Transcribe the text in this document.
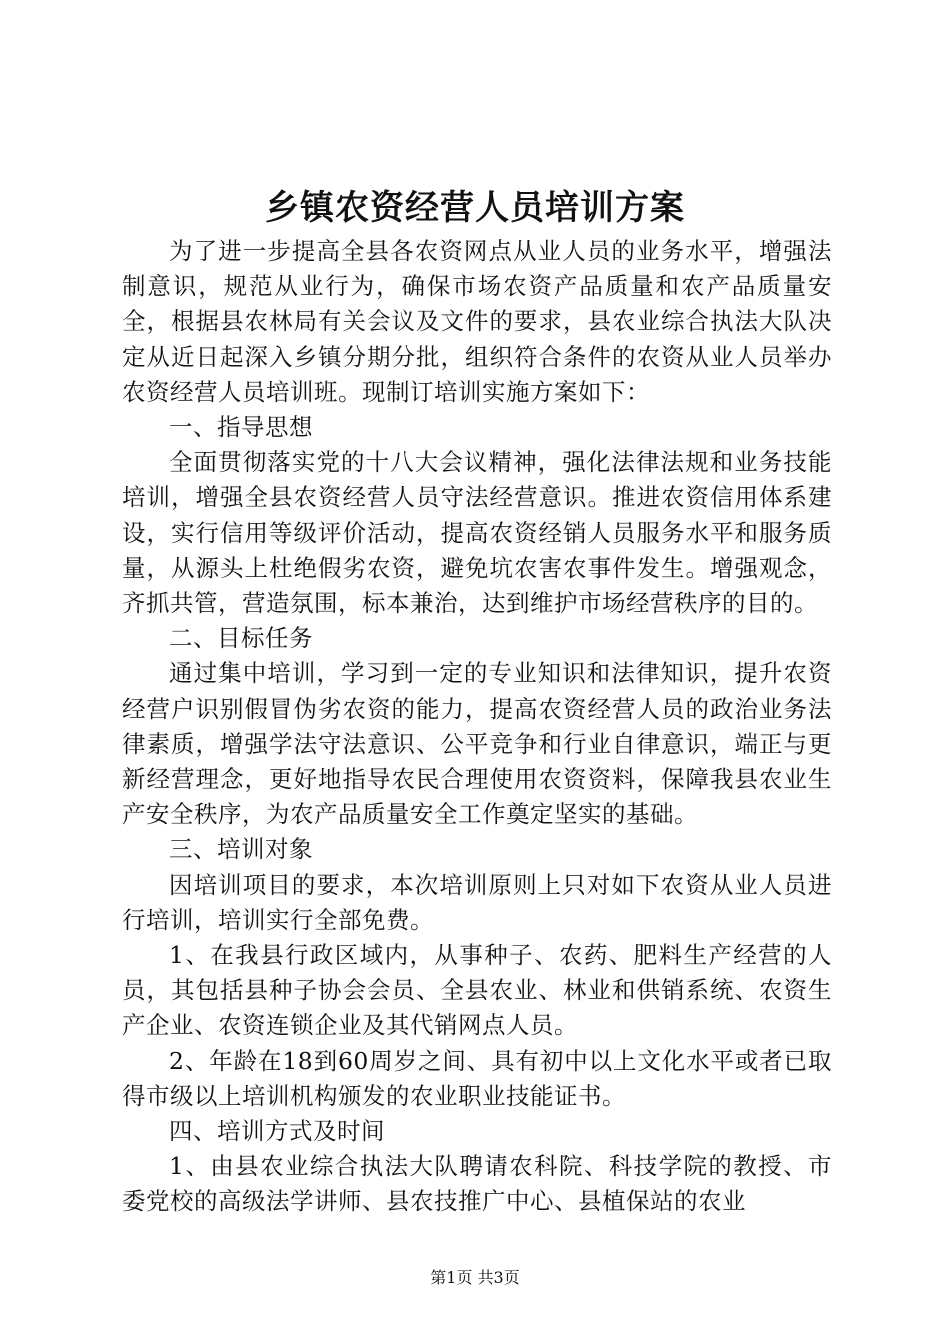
乡镇农资经营人员培训方案

为了进一步提高全县各农资网点从业人员的业务水平，增强法制意识，规范从业行为，确保市场农资产品质量和农产品质量安全，根据县农林局有关会议及文件的要求，县农业综合执法大队决定从近日起深入乡镇分期分批，组织符合条件的农资从业人员举办农资经营人员培训班。现制订培训实施方案如下：

一、指导思想

全面贯彻落实党的十八大会议精神，强化法律法规和业务技能培训，增强全县农资经营人员守法经营意识。推进农资信用体系建设，实行信用等级评价活动，提高农资经销人员服务水平和服务质量，从源头上杜绝假劣农资，避免坑农害农事件发生。增强观念，齐抓共管，营造氛围，标本兼治，达到维护市场经营秩序的目的。

二、目标任务

通过集中培训，学习到一定的专业知识和法律知识，提升农资经营户识别假冒伪劣农资的能力，提高农资经营人员的政治业务法律素质，增强学法守法意识、公平竞争和行业自律意识，端正与更新经营理念，更好地指导农民合理使用农资资料，保障我县农业生产安全秩序，为农产品质量安全工作奠定坚实的基础。

三、培训对象

因培训项目的要求，本次培训原则上只对如下农资从业人员进行培训，培训实行全部免费。

1、在我县行政区域内，从事种子、农药、肥料生产经营的人员，其包括县种子协会会员、全县农业、林业和供销系统、农资生产企业、农资连锁企业及其代销网点人员。

2、年龄在18到60周岁之间、具有初中以上文化水平或者已取得市级以上培训机构颁发的农业职业技能证书。

四、培训方式及时间

1、由县农业综合执法大队聘请农科院、科技学院的教授、市委党校的高级法学讲师、县农技推广中心、县植保站的农业

第1页 共3页
